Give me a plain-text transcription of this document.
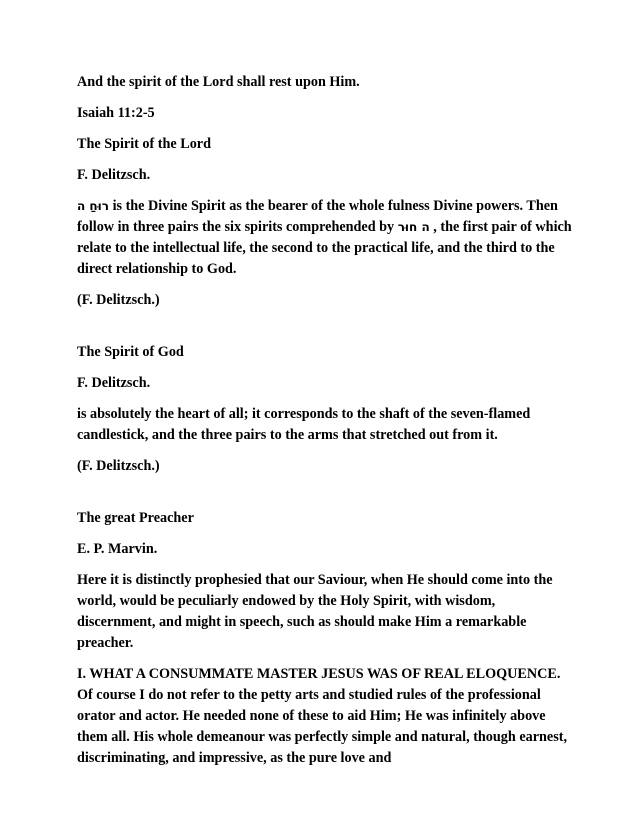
And the spirit of the Lord shall rest upon Him.

Isaiah 11:2-5

The Spirit of the Lord

F. Delitzsch.

רוּחַ ה is the Divine Spirit as the bearer of the whole fulness Divine powers. Then follow in three pairs the six spirits comprehended by ה חוּר , the first pair of which relate to the intellectual life, the second to the practical life, and the third to the direct relationship to God.

(F. Delitzsch.)

The Spirit of God

F. Delitzsch.

is absolutely the heart of all; it corresponds to the shaft of the seven-flamed candlestick, and the three pairs to the arms that stretched out from it.

(F. Delitzsch.)

The great Preacher

E. P. Marvin.

Here it is distinctly prophesied that our Saviour, when He should come into the world, would be peculiarly endowed by the Holy Spirit, with wisdom, discernment, and might in speech, such as should make Him a remarkable preacher.

I. WHAT A CONSUMMATE MASTER JESUS WAS OF REAL ELOQUENCE. Of course I do not refer to the petty arts and studied rules of the professional orator and actor. He needed none of these to aid Him; He was infinitely above them all. His whole demeanour was perfectly simple and natural, though earnest, discriminating, and impressive, as the pure love and
